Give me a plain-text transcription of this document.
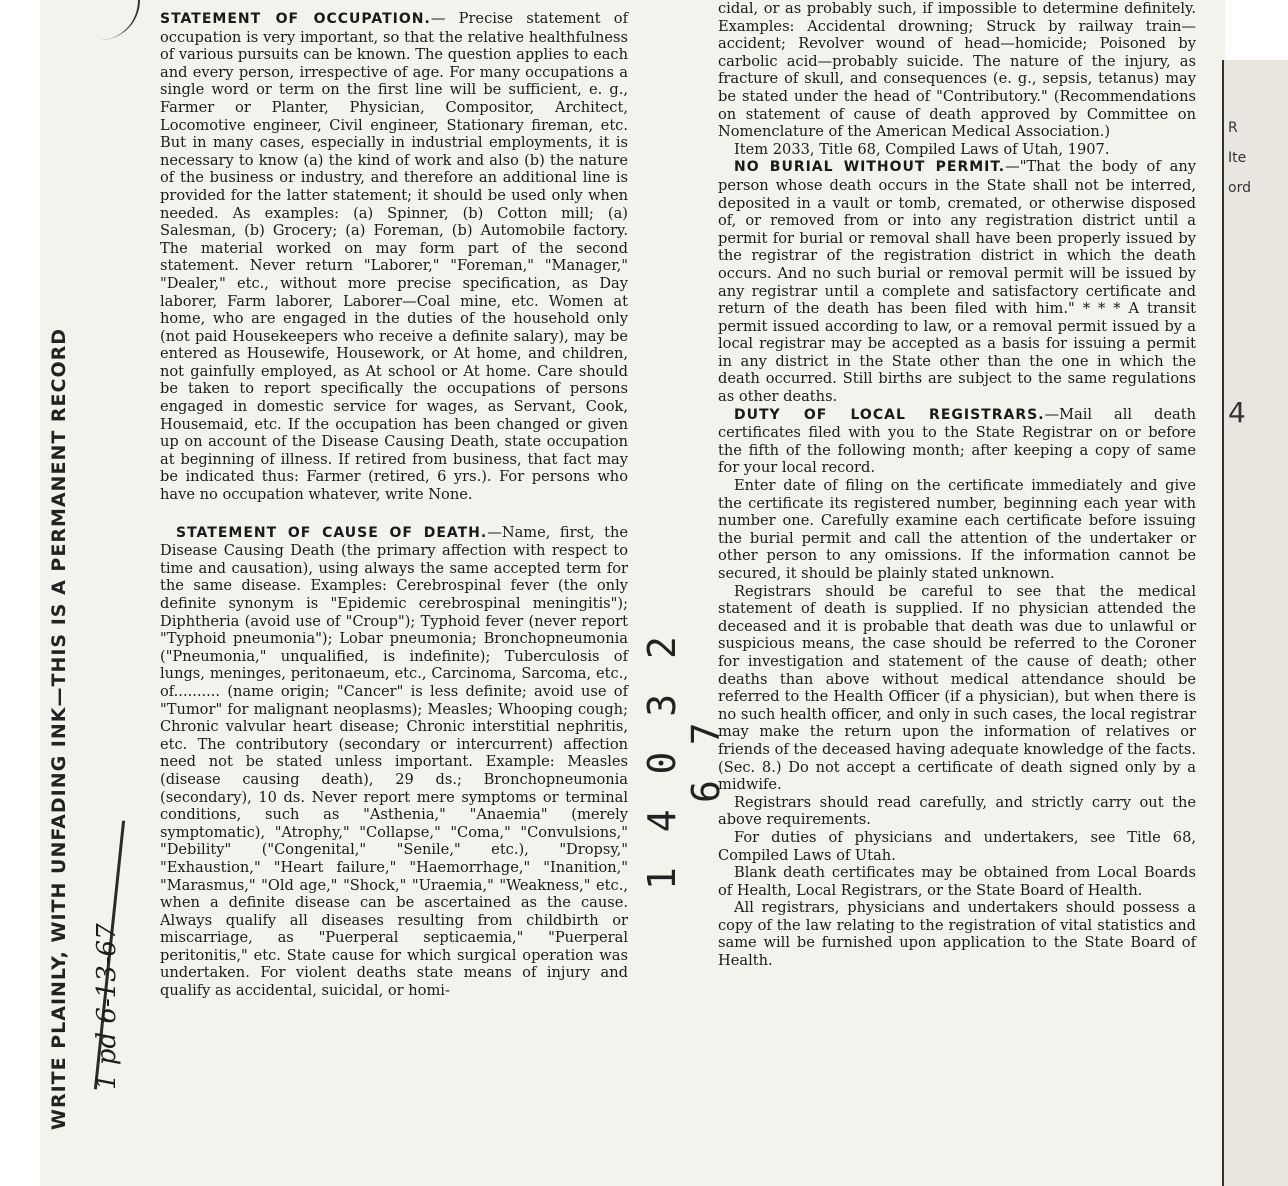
WRITE PLAINLY, WITH UNFADING INK—THIS IS A PERMANENT RECORD

STATEMENT OF OCCUPATION.— Precise statement of occupation is very important, so that the relative healthfulness of various pursuits can be known. The question applies to each and every person, irrespective of age. For many occupations a single word or term on the first line will be sufficient, e. g., Farmer or Planter, Physician, Compositor, Architect, Locomotive engineer, Civil engineer, Stationary fireman, etc. But in many cases, especially in industrial employments, it is necessary to know (a) the kind of work and also (b) the nature of the business or industry, and therefore an additional line is provided for the latter statement; it should be used only when needed. As examples: (a) Spinner, (b) Cotton mill; (a) Salesman, (b) Grocery; (a) Foreman, (b) Automobile factory. The material worked on may form part of the second statement. Never return "Laborer," "Foreman," "Manager," "Dealer," etc., without more precise specification, as Day laborer, Farm laborer, Laborer—Coal mine, etc. Women at home, who are engaged in the duties of the household only (not paid Housekeepers who receive a definite salary), may be entered as Housewife, Housework, or At home, and children, not gainfully employed, as At school or At home. Care should be taken to report specifically the occupations of persons engaged in domestic service for wages, as Servant, Cook, Housemaid, etc. If the occupation has been changed or given up on account of the Disease Causing Death, state occupation at beginning of illness. If retired from business, that fact may be indicated thus: Farmer (retired, 6 yrs.). For persons who have no occupation whatever, write None.

STATEMENT OF CAUSE OF DEATH.—Name, first, the Disease Causing Death (the primary affection with respect to time and causation), using always the same accepted term for the same disease. Examples: Cerebrospinal fever (the only definite synonym is "Epidemic cerebrospinal meningitis"); Diphtheria (avoid use of "Croup"); Typhoid fever (never report "Typhoid pneumonia"); Lobar pneumonia; Bronchopneumonia ("Pneumonia," unqualified, is indefinite); Tuberculosis of lungs, meninges, peritonaeum, etc., Carcinoma, Sarcoma, etc., of.......... (name origin; "Cancer" is less definite; avoid use of "Tumor" for malignant neoplasms); Measles; Whooping cough; Chronic valvular heart disease; Chronic interstitial nephritis, etc. The contributory (secondary or intercurrent) affection need not be stated unless important. Example: Measles (disease causing death), 29 ds.; Bronchopneumonia (secondary), 10 ds. Never report mere symptoms or terminal conditions, such as "Asthenia," "Anaemia" (merely symptomatic), "Atrophy," "Collapse," "Coma," "Convulsions," "Debility" ("Congenital," "Senile," etc.), "Dropsy," "Exhaustion," "Heart failure," "Haemorrhage," "Inanition," "Marasmus," "Old age," "Shock," "Uraemia," "Weakness," etc., when a definite disease can be ascertained as the cause. Always qualify all diseases resulting from childbirth or miscarriage, as "Puerperal septicaemia," "Puerperal peritonitis," etc. State cause for which surgical operation was undertaken. For violent deaths state means of injury and qualify as accidental, suicidal, or homi-

1 4 0 3 2 6 7
1 pd 6-13-67

cidal, or as probably such, if impossible to determine definitely. Examples: Accidental drowning; Struck by railway train—accident; Revolver wound of head—homicide; Poisoned by carbolic acid—probably suicide. The nature of the injury, as fracture of skull, and consequences (e. g., sepsis, tetanus) may be stated under the head of "Contributory." (Recommendations on statement of cause of death approved by Committee on Nomenclature of the American Medical Association.)

Item 2033, Title 68, Compiled Laws of Utah, 1907.

NO BURIAL WITHOUT PERMIT.—"That the body of any person whose death occurs in the State shall not be interred, deposited in a vault or tomb, cremated, or otherwise disposed of, or removed from or into any registration district until a permit for burial or removal shall have been properly issued by the registrar of the registration district in which the death occurs. And no such burial or removal permit will be issued by any registrar until a complete and satisfactory certificate and return of the death has been filed with him." * * * A transit permit issued according to law, or a removal permit issued by a local registrar may be accepted as a basis for issuing a permit in any district in the State other than the one in which the death occurred. Still births are subject to the same regulations as other deaths.

DUTY OF LOCAL REGISTRARS.—Mail all death certificates filed with you to the State Registrar on or before the fifth of the following month; after keeping a copy of same for your local record.

Enter date of filing on the certificate immediately and give the certificate its registered number, beginning each year with number one. Carefully examine each certificate before issuing the burial permit and call the attention of the undertaker or other person to any omissions. If the information cannot be secured, it should be plainly stated unknown.

Registrars should be careful to see that the medical statement of death is supplied. If no physician attended the deceased and it is probable that death was due to unlawful or suspicious means, the case should be referred to the Coroner for investigation and statement of the cause of death; other deaths than above without medical attendance should be referred to the Health Officer (if a physician), but when there is no such health officer, and only in such cases, the local registrar may make the return upon the information of relatives or friends of the deceased having adequate knowledge of the facts. (Sec. 8.) Do not accept a certificate of death signed only by a midwife.

Registrars should read carefully, and strictly carry out the above requirements.

For duties of physicians and undertakers, see Title 68, Compiled Laws of Utah.

Blank death certificates may be obtained from Local Boards of Health, Local Registrars, or the State Board of Health.

All registrars, physicians and undertakers should possess a copy of the law relating to the registration of vital statistics and same will be furnished upon application to the State Board of Health.

R
Ite
ord
4
